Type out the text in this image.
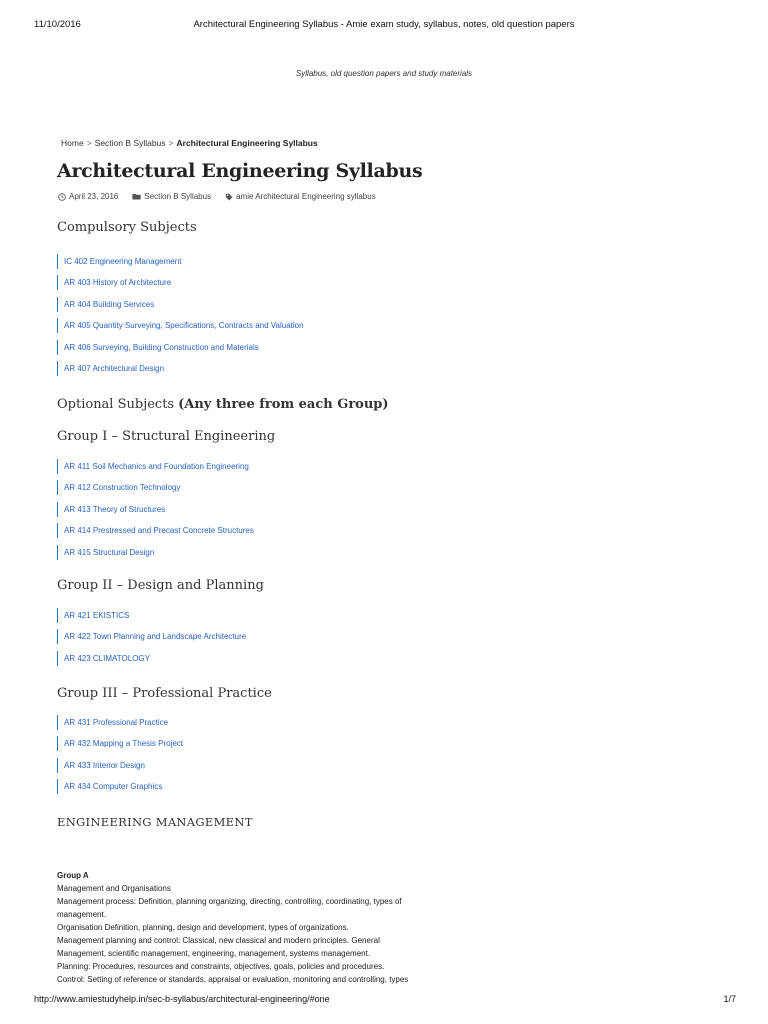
11/10/2016	Architectural Engineering Syllabus - Amie exam study, syllabus, notes, old question papers
Syllabus, old question papers and study materials
Home > Section B Syllabus > Architectural Engineering Syllabus
Architectural Engineering Syllabus
April 23, 2016	Section B Syllabus	amie Architectural Engineering syllabus
Compulsory Subjects
IC 402 Engineering Management
AR 403 History of Architecture
AR 404 Building Services
AR 405 Quantity Surveying, Specifications, Contracts and Valuation
AR 406 Surveying, Building Construction and Materials
AR 407 Architectural Design
Optional Subjects (Any three from each Group)
Group I – Structural Engineering
AR 411 Soil Mechanics and Foundation Engineering
AR 412 Construction Technology
AR 413 Theory of Structures
AR 414 Prestressed and Precast Concrete Structures
AR 415 Structural Design
Group II – Design and Planning
AR 421 EKISTICS
AR 422 Town Planning and Landscape Architecture
AR 423 CLIMATOLOGY
Group III – Professional Practice
AR 431 Professional Practice
AR 432 Mapping a Thesis Project
AR 433 Interior Design
AR 434 Computer Graphics
ENGINEERING MANAGEMENT

Group A

Management and Organisations

Management process: Definition, planning organizing, directing, controlling, coordinating, types of

management.

Organisation Definition, planning, design and development, types of organizations.

Management planning and control: Classical, new classical and modern principles. General

Management, scientific management, engineering, management, systems management.

Planning: Procedures, resources and constraints, objectives, goals, policies and procedures.

Control: Setting of reference or standards, appraisal or evaluation, monitoring and controlling, types

http://www.amiestudyhelp.in/sec-b-syllabus/architectural-engineering/#one	1/7
